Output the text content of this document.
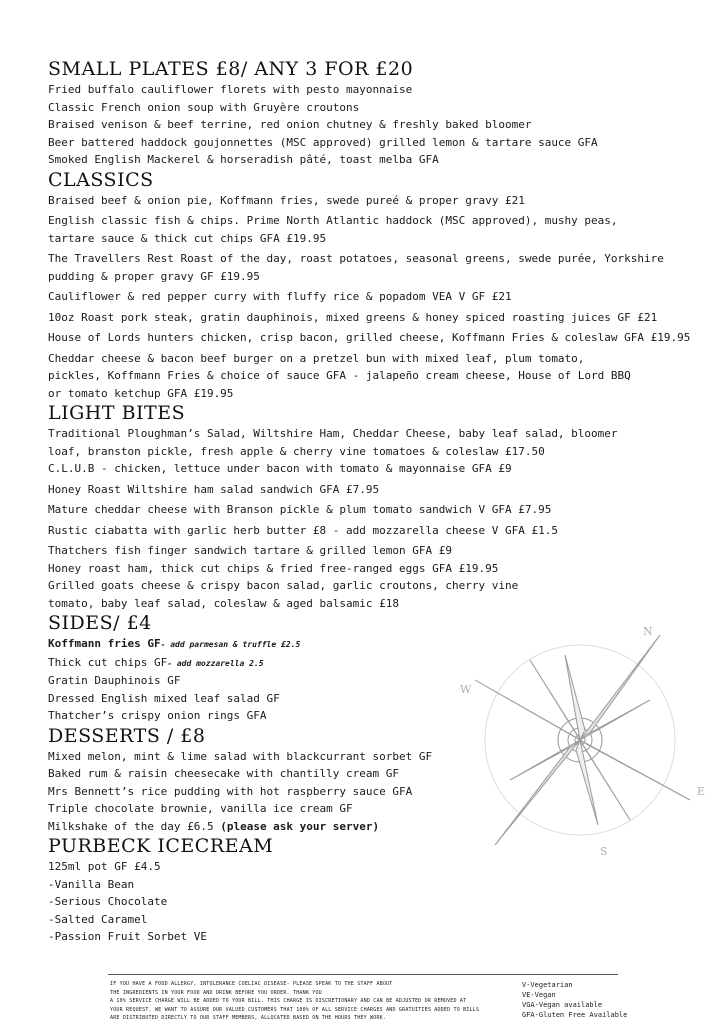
SMALL PLATES £8/ ANY 3 FOR £20

Fried buffalo cauliflower florets with pesto mayonnaise

Classic French onion soup with Gruyère croutons

Braised venison & beef terrine, red onion chutney & freshly baked bloomer

Beer battered haddock goujonnettes (MSC approved) grilled lemon & tartare sauce GFA

Smoked English Mackerel & horseradish pâté, toast melba GFA

CLASSICS

Braised beef & onion pie, Koffmann fries, swede pureé & proper gravy £21

English classic fish & chips. Prime North Atlantic haddock (MSC approved), mushy peas,

tartare sauce & thick cut chips GFA £19.95

The Travellers Rest Roast of the day, roast potatoes, seasonal greens, swede purée, Yorkshire

pudding & proper gravy GF £19.95

Cauliflower & red pepper curry with fluffy rice & popadom VEA V GF £21

10oz Roast pork steak, gratin dauphinois, mixed greens & honey spiced roasting juices GF £21

House of Lords hunters chicken, crisp bacon, grilled cheese, Koffmann Fries & coleslaw GFA £19.95

Cheddar cheese & bacon beef burger on a pretzel bun with mixed leaf, plum tomato,

pickles, Koffmann Fries & choice of sauce GFA - jalapeño cream cheese, House of Lord BBQ

or tomato ketchup GFA £19.95

LIGHT BITES

Traditional Ploughman’s Salad, Wiltshire Ham, Cheddar Cheese, baby leaf salad, bloomer

loaf, branston pickle, fresh apple & cherry vine tomatoes & coleslaw £17.50

C.L.U.B - chicken, lettuce under bacon with tomato & mayonnaise GFA £9

Honey Roast Wiltshire ham salad sandwich GFA £7.95

Mature cheddar cheese with Branson pickle & plum tomato sandwich V GFA £7.95

Rustic ciabatta with garlic herb butter £8 - add mozzarella cheese V GFA £1.5

Thatchers fish finger sandwich tartare & grilled lemon GFA £9

Honey roast ham, thick cut chips & fried free-ranged eggs GFA £19.95

Grilled goats cheese & crispy bacon salad, garlic croutons, cherry vine

tomato, baby leaf salad, coleslaw & aged balsamic £18

SIDES/ £4

Koffmann fries GF- add parmesan & truffle £2.5

Thick cut chips GF- add mozzarella 2.5

Gratin Dauphinois GF

Dressed English mixed leaf salad GF

Thatcher’s crispy onion rings GFA

DESSERTS / £8

Mixed melon, mint & lime salad with blackcurrant sorbet GF

Baked rum & raisin cheesecake with chantilly cream GF

Mrs Bennett’s rice pudding with hot raspberry sauce GFA

Triple chocolate brownie, vanilla ice cream GF

Milkshake of the day £6.5 (please ask your server)

PURBECK ICECREAM

125ml pot GF £4.5

-Vanilla Bean

-Serious Chocolate

-Salted Caramel

-Passion Fruit Sorbet VE

N
W
E
S

IF YOU HAVE A FOOD ALLERGY, INTOLERANCE COELIAC DISEASE- PLEASE SPEAK TO THE STAFF ABOUT

THE INGREDIENTS IN YOUR FOOD AND DRINK BEFORE YOU ORDER. THANK YOU

A 10% SERVICE CHARGE WILL BE ADDED TO YOUR BILL. THIS CHARGE IS DISCRETIONARY AND CAN BE ADJUSTED OR REMOVED AT

YOUR REQUEST. WE WANT TO ASSURE OUR VALUED CUSTOMERS THAT 100% OF ALL SERVICE CHARGES AND GRATUITIES ADDED TO BILLS

ARE DISTRIBUTED DIRECTLY TO OUR STAFF MEMBERS, ALLOCATED BASED ON THE HOURS THEY WORK.

V-Vegetarian

VE-Vegan

VGA-Vegan available

GFA-Gluten Free Available
